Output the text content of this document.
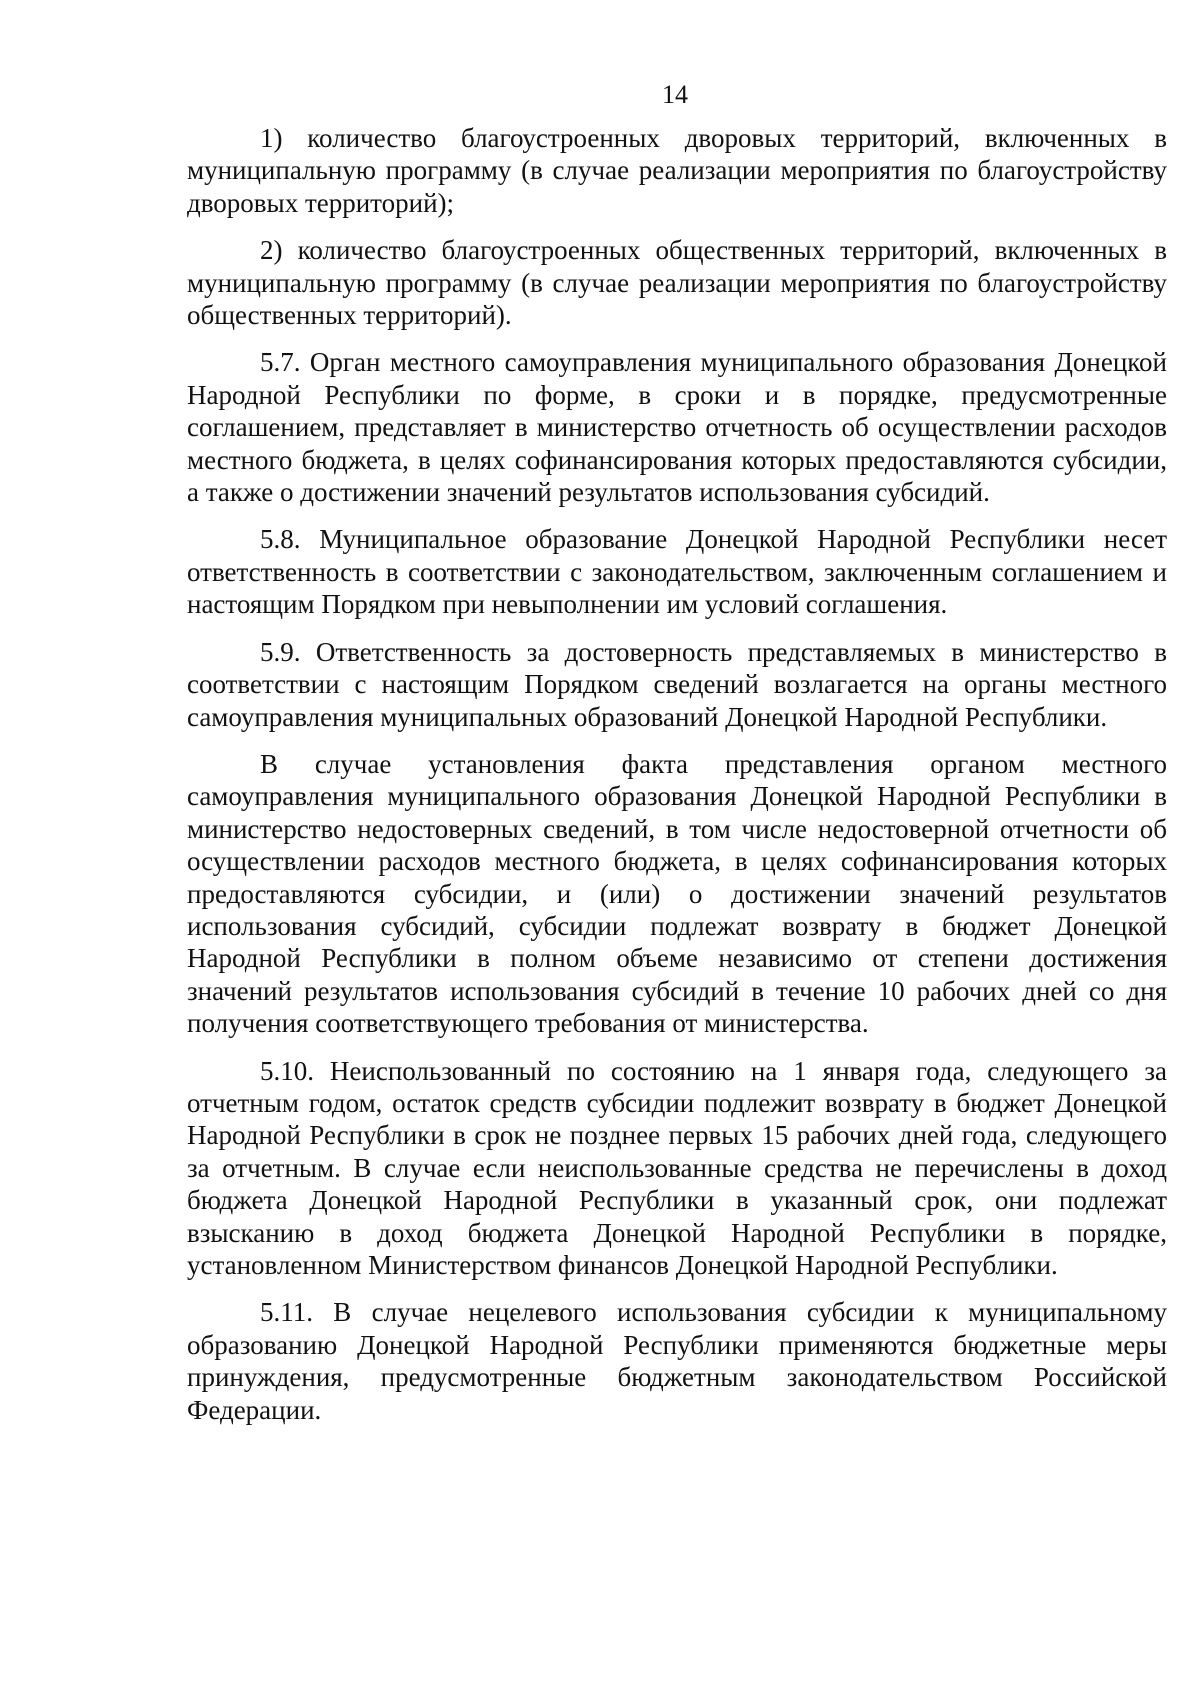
14

1) количество благоустроенных дворовых территорий, включенных в муниципальную программу (в случае реализации мероприятия по благоустройству дворовых территорий);

2) количество благоустроенных общественных территорий, включенных в муниципальную программу (в случае реализации мероприятия по благоустройству общественных территорий).

5.7. Орган местного самоуправления муниципального образования Донецкой Народной Республики по форме, в сроки и в порядке, предусмотренные соглашением, представляет в министерство отчетность об осуществлении расходов местного бюджета, в целях софинансирования которых предоставляются субсидии, а также о достижении значений результатов использования субсидий.

5.8. Муниципальное образование Донецкой Народной Республики несет ответственность в соответствии с законодательством, заключенным соглашением и настоящим Порядком при невыполнении им условий соглашения.

5.9. Ответственность за достоверность представляемых в министерство в соответствии с настоящим Порядком сведений возлагается на органы местного самоуправления муниципальных образований Донецкой Народной Республики.

В случае установления факта представления органом местного самоуправления муниципального образования Донецкой Народной Республики в министерство недостоверных сведений, в том числе недостоверной отчетности об осуществлении расходов местного бюджета, в целях софинансирования которых предоставляются субсидии, и (или) о достижении значений результатов использования субсидий, субсидии подлежат возврату в бюджет Донецкой Народной Республики в полном объеме независимо от степени достижения значений результатов использования субсидий в течение 10 рабочих дней со дня получения соответствующего требования от министерства.

5.10. Неиспользованный по состоянию на 1 января года, следующего за отчетным годом, остаток средств субсидии подлежит возврату в бюджет Донецкой Народной Республики в срок не позднее первых 15 рабочих дней года, следующего за отчетным. В случае если неиспользованные средства не перечислены в доход бюджета Донецкой Народной Республики в указанный срок, они подлежат взысканию в доход бюджета Донецкой Народной Республики в порядке, установленном Министерством финансов Донецкой Народной Республики.

5.11. В случае нецелевого использования субсидии к муниципальному образованию Донецкой Народной Республики применяются бюджетные меры принуждения, предусмотренные бюджетным законодательством Российской Федерации.
